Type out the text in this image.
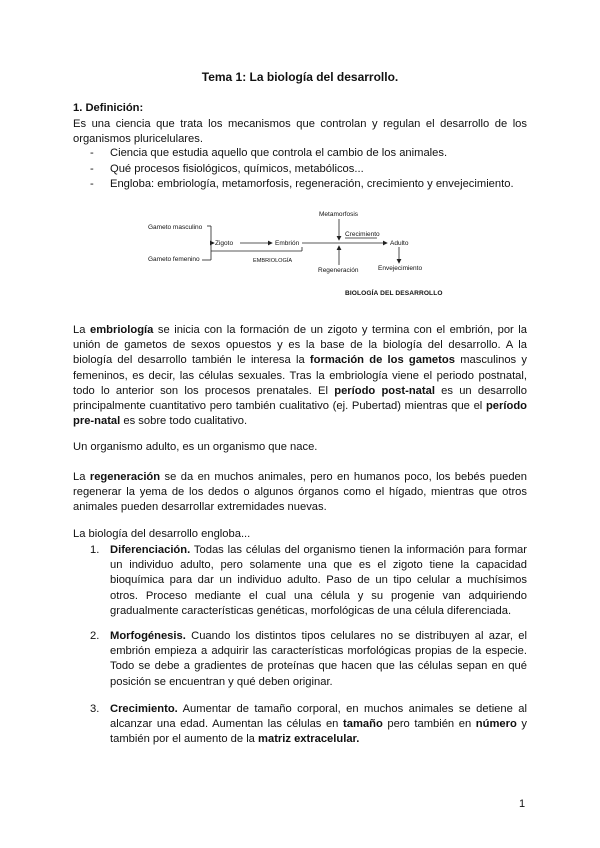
Tema 1: La biología del desarrollo.
1. Definición:

Es una ciencia que trata los mecanismos que controlan y regulan el desarrollo de los organismos pluricelulares.

- Ciencia que estudia aquello que controla el cambio de los animales.
- Qué procesos fisiológicos, químicos, metabólicos...
- Engloba: embriología, metamorfosis, regeneración, crecimiento y envejecimiento.
Gameto masculino
Gameto femenino
Zigoto	Embrión
EMBRIOLOGÍA
Metamorfosis
Crecimiento
Adulto
Regeneración	Envejecimiento
BIOLOGÍA DEL DESARROLLO

La embriología se inicia con la formación de un zigoto y termina con el embrión, por la unión de gametos de sexos opuestos y es la base de la biología del desarrollo. A la biología del desarrollo también le interesa la formación de los gametos masculinos y femeninos, es decir, las células sexuales. Tras la embriología viene el periodo postnatal, todo lo anterior son los procesos prenatales. El período post-natal es un desarrollo principalmente cuantitativo pero también cualitativo (ej. Pubertad) mientras que el período pre-natal es sobre todo cualitativo.

Un organismo adulto, es un organismo que nace.

La regeneración se da en muchos animales, pero en humanos poco, los bebés pueden regenerar la yema de los dedos o algunos órganos como el hígado, mientras que otros animales pueden desarrollar extremidades nuevas.

La biología del desarrollo engloba...

1. Diferenciación. Todas las células del organismo tienen la información para formar un individuo adulto, pero solamente una que es el zigoto tiene la capacidad bioquímica para dar un individuo adulto. Paso de un tipo celular a muchísimos otros. Proceso mediante el cual una célula y su progenie van adquiriendo gradualmente características genéticas, morfológicas de una célula diferenciada.
2. Morfogénesis. Cuando los distintos tipos celulares no se distribuyen al azar, el embrión empieza a adquirir las características morfológicas propias de la especie. Todo se debe a gradientes de proteínas que hacen que las células sepan en qué posición se encuentran y qué deben originar.
3. Crecimiento. Aumentar de tamaño corporal, en muchos animales se detiene al alcanzar una edad. Aumentan las células en tamaño pero también en número y también por el aumento de la matriz extracelular.
1
